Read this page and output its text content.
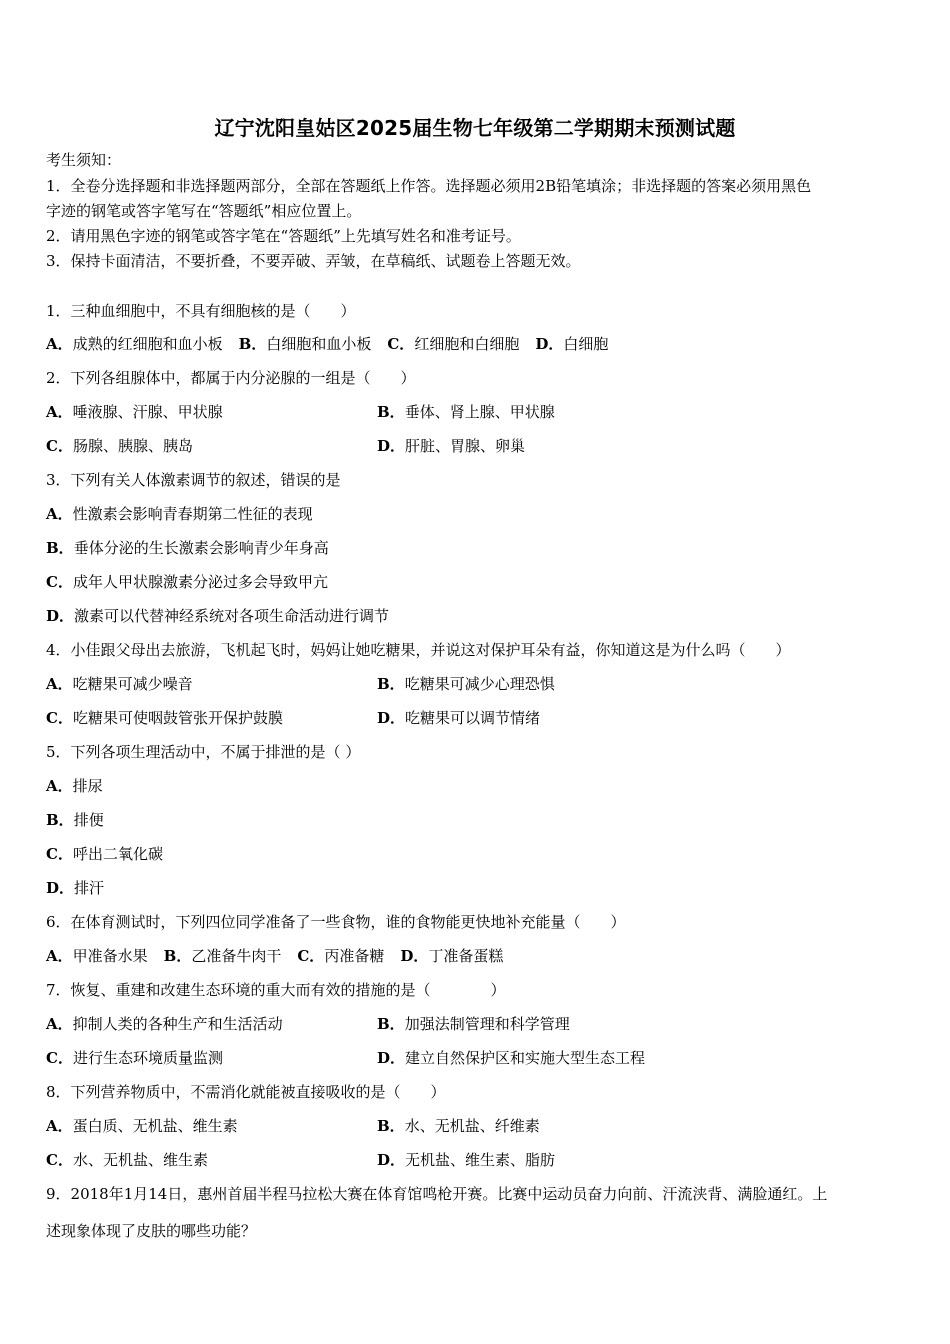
辽宁沈阳皇姑区2025届生物七年级第二学期期末预测试题
考生须知：
1．全卷分选择题和非选择题两部分，全部在答题纸上作答。选择题必须用2B铅笔填涂；非选择题的答案必须用黑色
字迹的钢笔或答字笔写在“答题纸”相应位置上。
2．请用黑色字迹的钢笔或答字笔在“答题纸”上先填写姓名和准考证号。
3．保持卡面清洁，不要折叠，不要弄破、弄皱，在草稿纸、试题卷上答题无效。
1．三种血细胞中，不具有细胞核的是（　　）
A．成熟的红细胞和血小板 B．白细胞和血小板 C．红细胞和白细胞 D．白细胞
2．下列各组腺体中，都属于内分泌腺的一组是（　　）
A．唾液腺、汗腺、甲状腺	B．垂体、肾上腺、甲状腺
C．肠腺、胰腺、胰岛	D．肝脏、胃腺、卵巢
3．下列有关人体激素调节的叙述，错误的是
A．性激素会影响青春期第二性征的表现
B．垂体分泌的生长激素会影响青少年身高
C．成年人甲状腺激素分泌过多会导致甲亢
D．激素可以代替神经系统对各项生命活动进行调节
4．小佳跟父母出去旅游，飞机起飞时，妈妈让她吃糖果，并说这对保护耳朵有益，你知道这是为什么吗（　　）
A．吃糖果可减少噪音	B．吃糖果可减少心理恐惧
C．吃糖果可使咽鼓管张开保护鼓膜	D．吃糖果可以调节情绪
5．下列各项生理活动中，不属于排泄的是（ ）
A．排尿
B．排便
C．呼出二氧化碳
D．排汗
6．在体育测试时，下列四位同学准备了一些食物，谁的食物能更快地补充能量（　　）
A．甲准备水果 B．乙准备牛肉干 C．丙准备糖 D．丁准备蛋糕
7．恢复、重建和改建生态环境的重大而有效的措施的是（　　　　）
A．抑制人类的各种生产和生活活动	B．加强法制管理和科学管理
C．进行生态环境质量监测	D．建立自然保护区和实施大型生态工程
8．下列营养物质中，不需消化就能被直接吸收的是（　　）
A．蛋白质、无机盐、维生素	B．水、无机盐、纤维素
C．水、无机盐、维生素	D．无机盐、维生素、脂肪
9．2018年1月14日，惠州首届半程马拉松大赛在体育馆鸣枪开赛。比赛中运动员奋力向前、汗流浃背、满脸通红。上
述现象体现了皮肤的哪些功能？
